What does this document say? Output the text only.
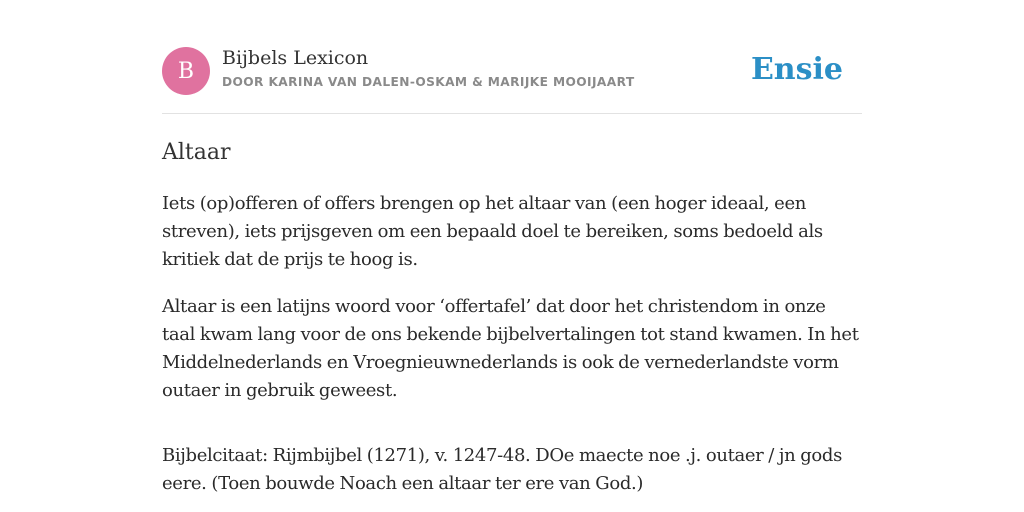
B
Bijbels Lexicon
DOOR KARINA VAN DALEN-OSKAM & MARIJKE MOOIJAART	Ensie
Altaar

Iets (op)offeren of offers brengen op het altaar van (een hoger ideaal, een streven), iets prijsgeven om een bepaald doel te bereiken, soms bedoeld als kritiek dat de prijs te hoog is.

Altaar is een latijns woord voor ‘offertafel’ dat door het christendom in onze taal kwam lang voor de ons bekende bijbelvertalingen tot stand kwamen. In het Middelnederlands en Vroegnieuwnederlands is ook de vernederlandste vorm outaer in gebruik geweest.

Bijbelcitaat: Rijmbijbel (1271), v. 1247-48. DOe maecte noe .j. outaer / jn gods eere. (Toen bouwde Noach een altaar ter ere van God.)
